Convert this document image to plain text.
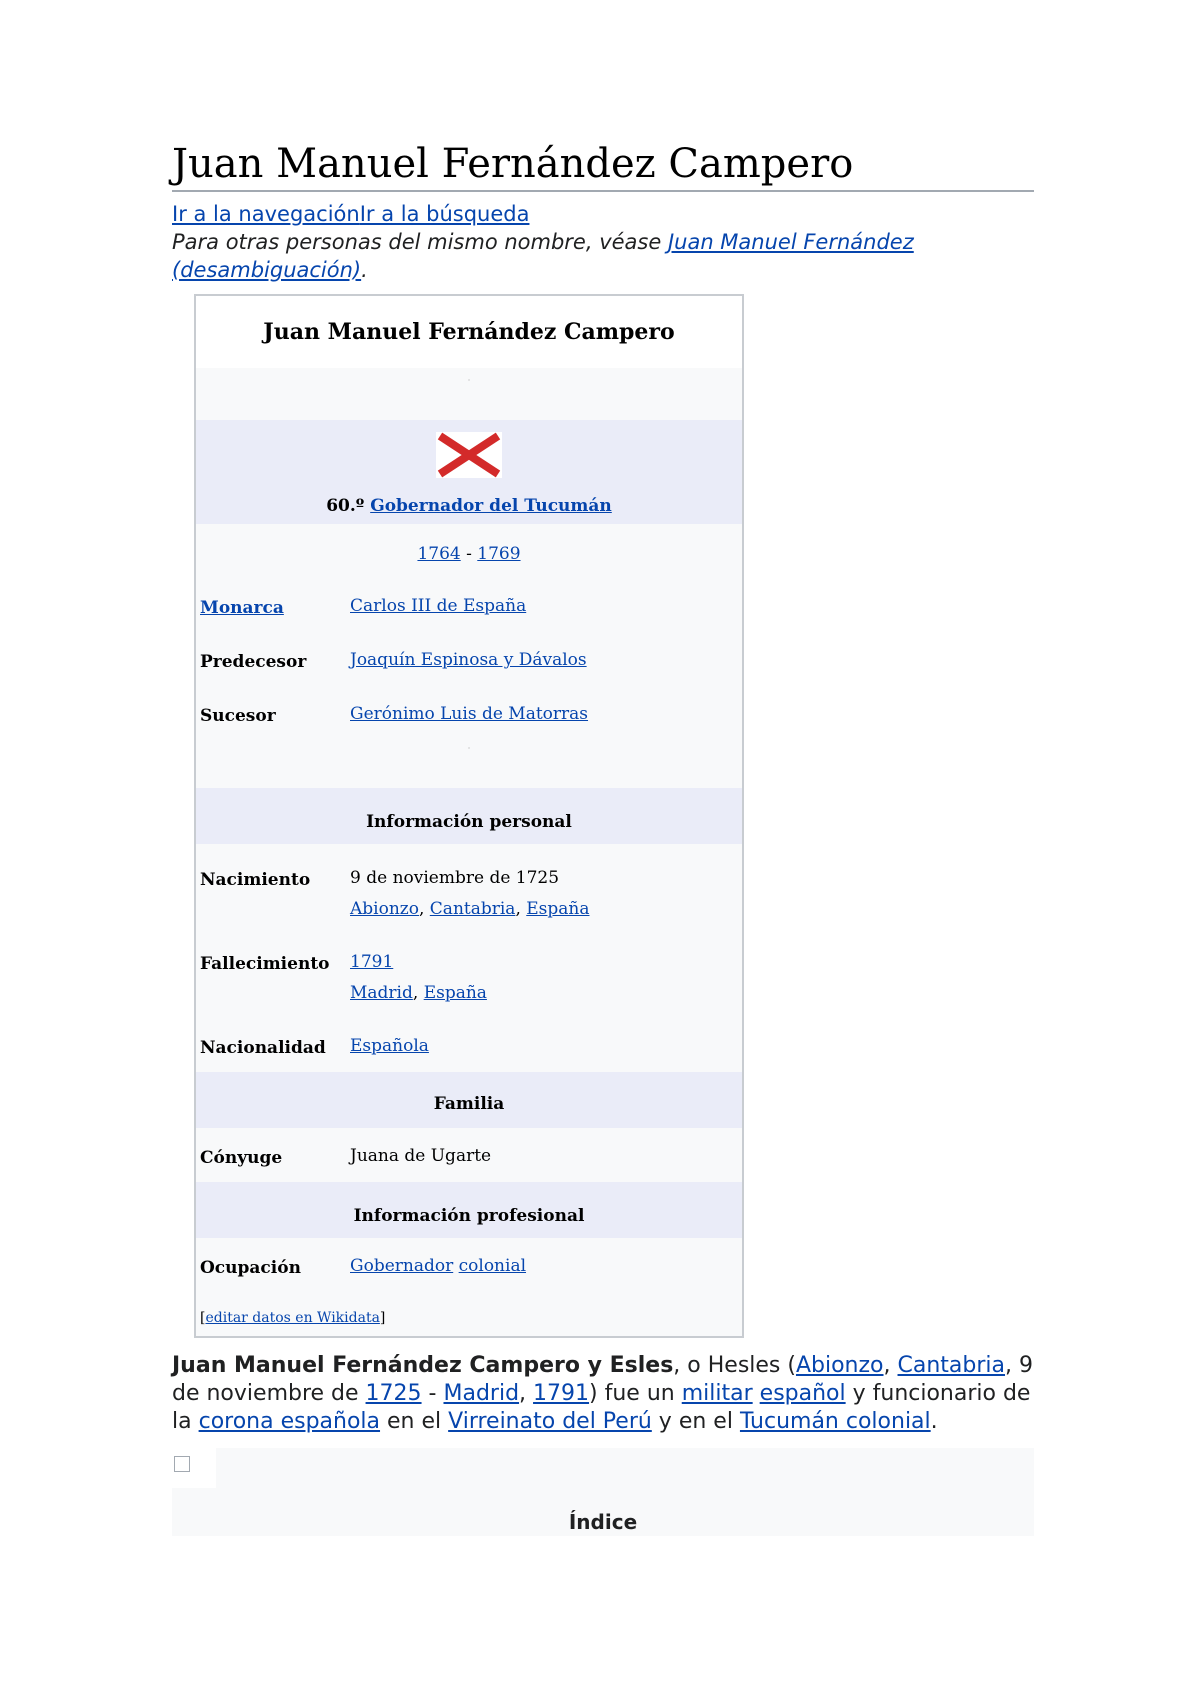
Juan Manuel Fernández Campero
Ir a la navegaciónIr a la búsqueda
Para otras personas del mismo nombre, véase Juan Manuel Fernández (desambiguación).
Juan Manuel Fernández Campero
·
60.º Gobernador del Tucumán
1764 - 1769
Monarca	Carlos III de España
Predecesor	Joaquín Espinosa y Dávalos
Sucesor	Gerónimo Luis de Matorras
·
Información personal
Nacimiento 9 de noviembre de 1725
Abionzo, Cantabria, España
Fallecimiento 1791
Madrid, España
Nacionalidad Española
Familia
Cónyuge	Juana de Ugarte
Información profesional
Ocupación	Gobernador colonial
[editar datos en Wikidata]

Juan Manuel Fernández Campero y Esles, o Hesles (Abionzo, Cantabria, 9 de noviembre de 1725 - Madrid, 1791) fue un militar español y funcionario de la corona española en el Virreinato del Perú y en el Tucumán colonial.

Índice
